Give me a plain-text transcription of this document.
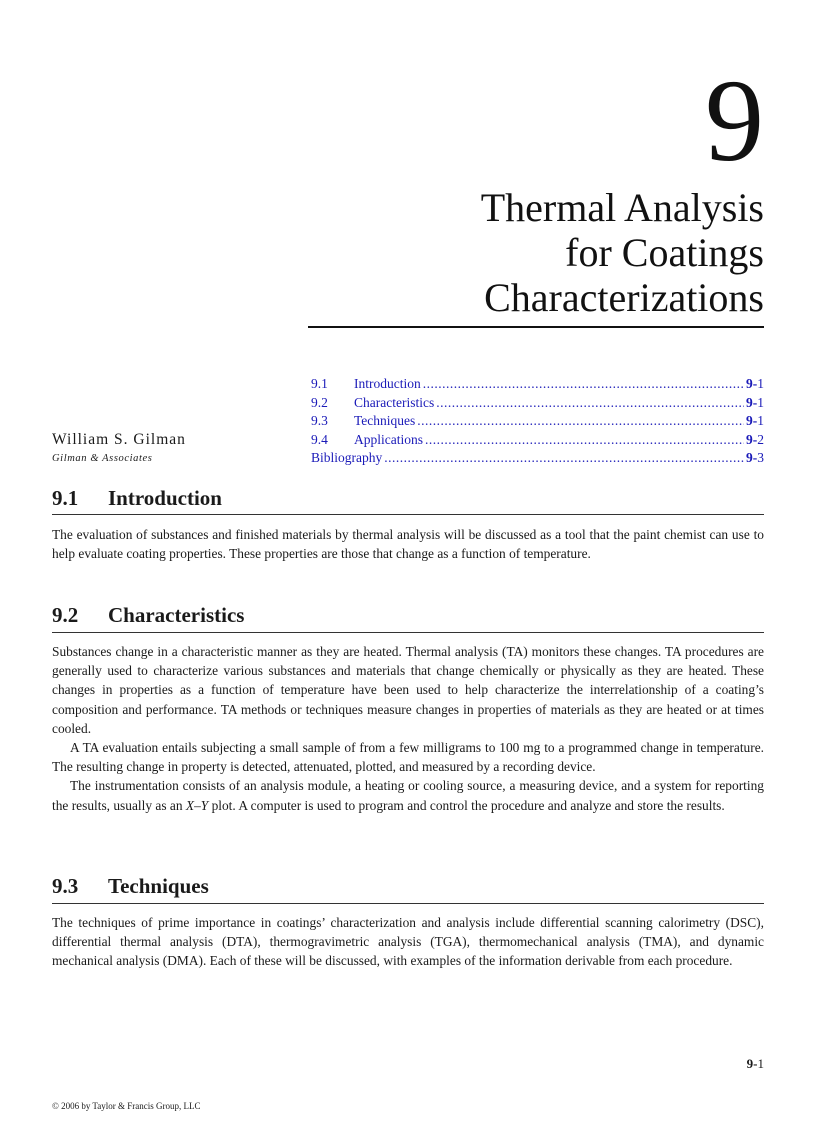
9
Thermal Analysis
for Coatings
Characterizations
9.1	Introduction .....	9-1
9.2	Characteristics .....	9-1
9.3	Techniques .....	9-1
9.4	Applications .....	9-2
Bibliography .....	9-3
William S. Gilman
Gilman & Associates
9.1 Introduction

The evaluation of substances and finished materials by thermal analysis will be discussed as a tool that the paint chemist can use to help evaluate coating properties. These properties are those that change as a function of temperature.

9.2 Characteristics

Substances change in a characteristic manner as they are heated. Thermal analysis (TA) monitors these changes. TA procedures are generally used to characterize various substances and materials that change chemically or physically as they are heated. These changes in properties as a function of temperature have been used to help characterize the interrelationship of a coating’s composition and performance. TA methods or techniques measure changes in properties of materials as they are heated or at times cooled.

A TA evaluation entails subjecting a small sample of from a few milligrams to 100 mg to a programmed change in temperature. The resulting change in property is detected, attenuated, plotted, and measured by a recording device.

The instrumentation consists of an analysis module, a heating or cooling source, a measuring device, and a system for reporting the results, usually as an X–Y plot. A computer is used to program and control the procedure and analyze and store the results.

9.3 Techniques

The techniques of prime importance in coatings’ characterization and analysis include differential scanning calorimetry (DSC), differential thermal analysis (DTA), thermogravimetric analysis (TGA), thermomechanical analysis (TMA), and dynamic mechanical analysis (DMA). Each of these will be discussed, with examples of the information derivable from each procedure.

9-1
© 2006 by Taylor & Francis Group, LLC
